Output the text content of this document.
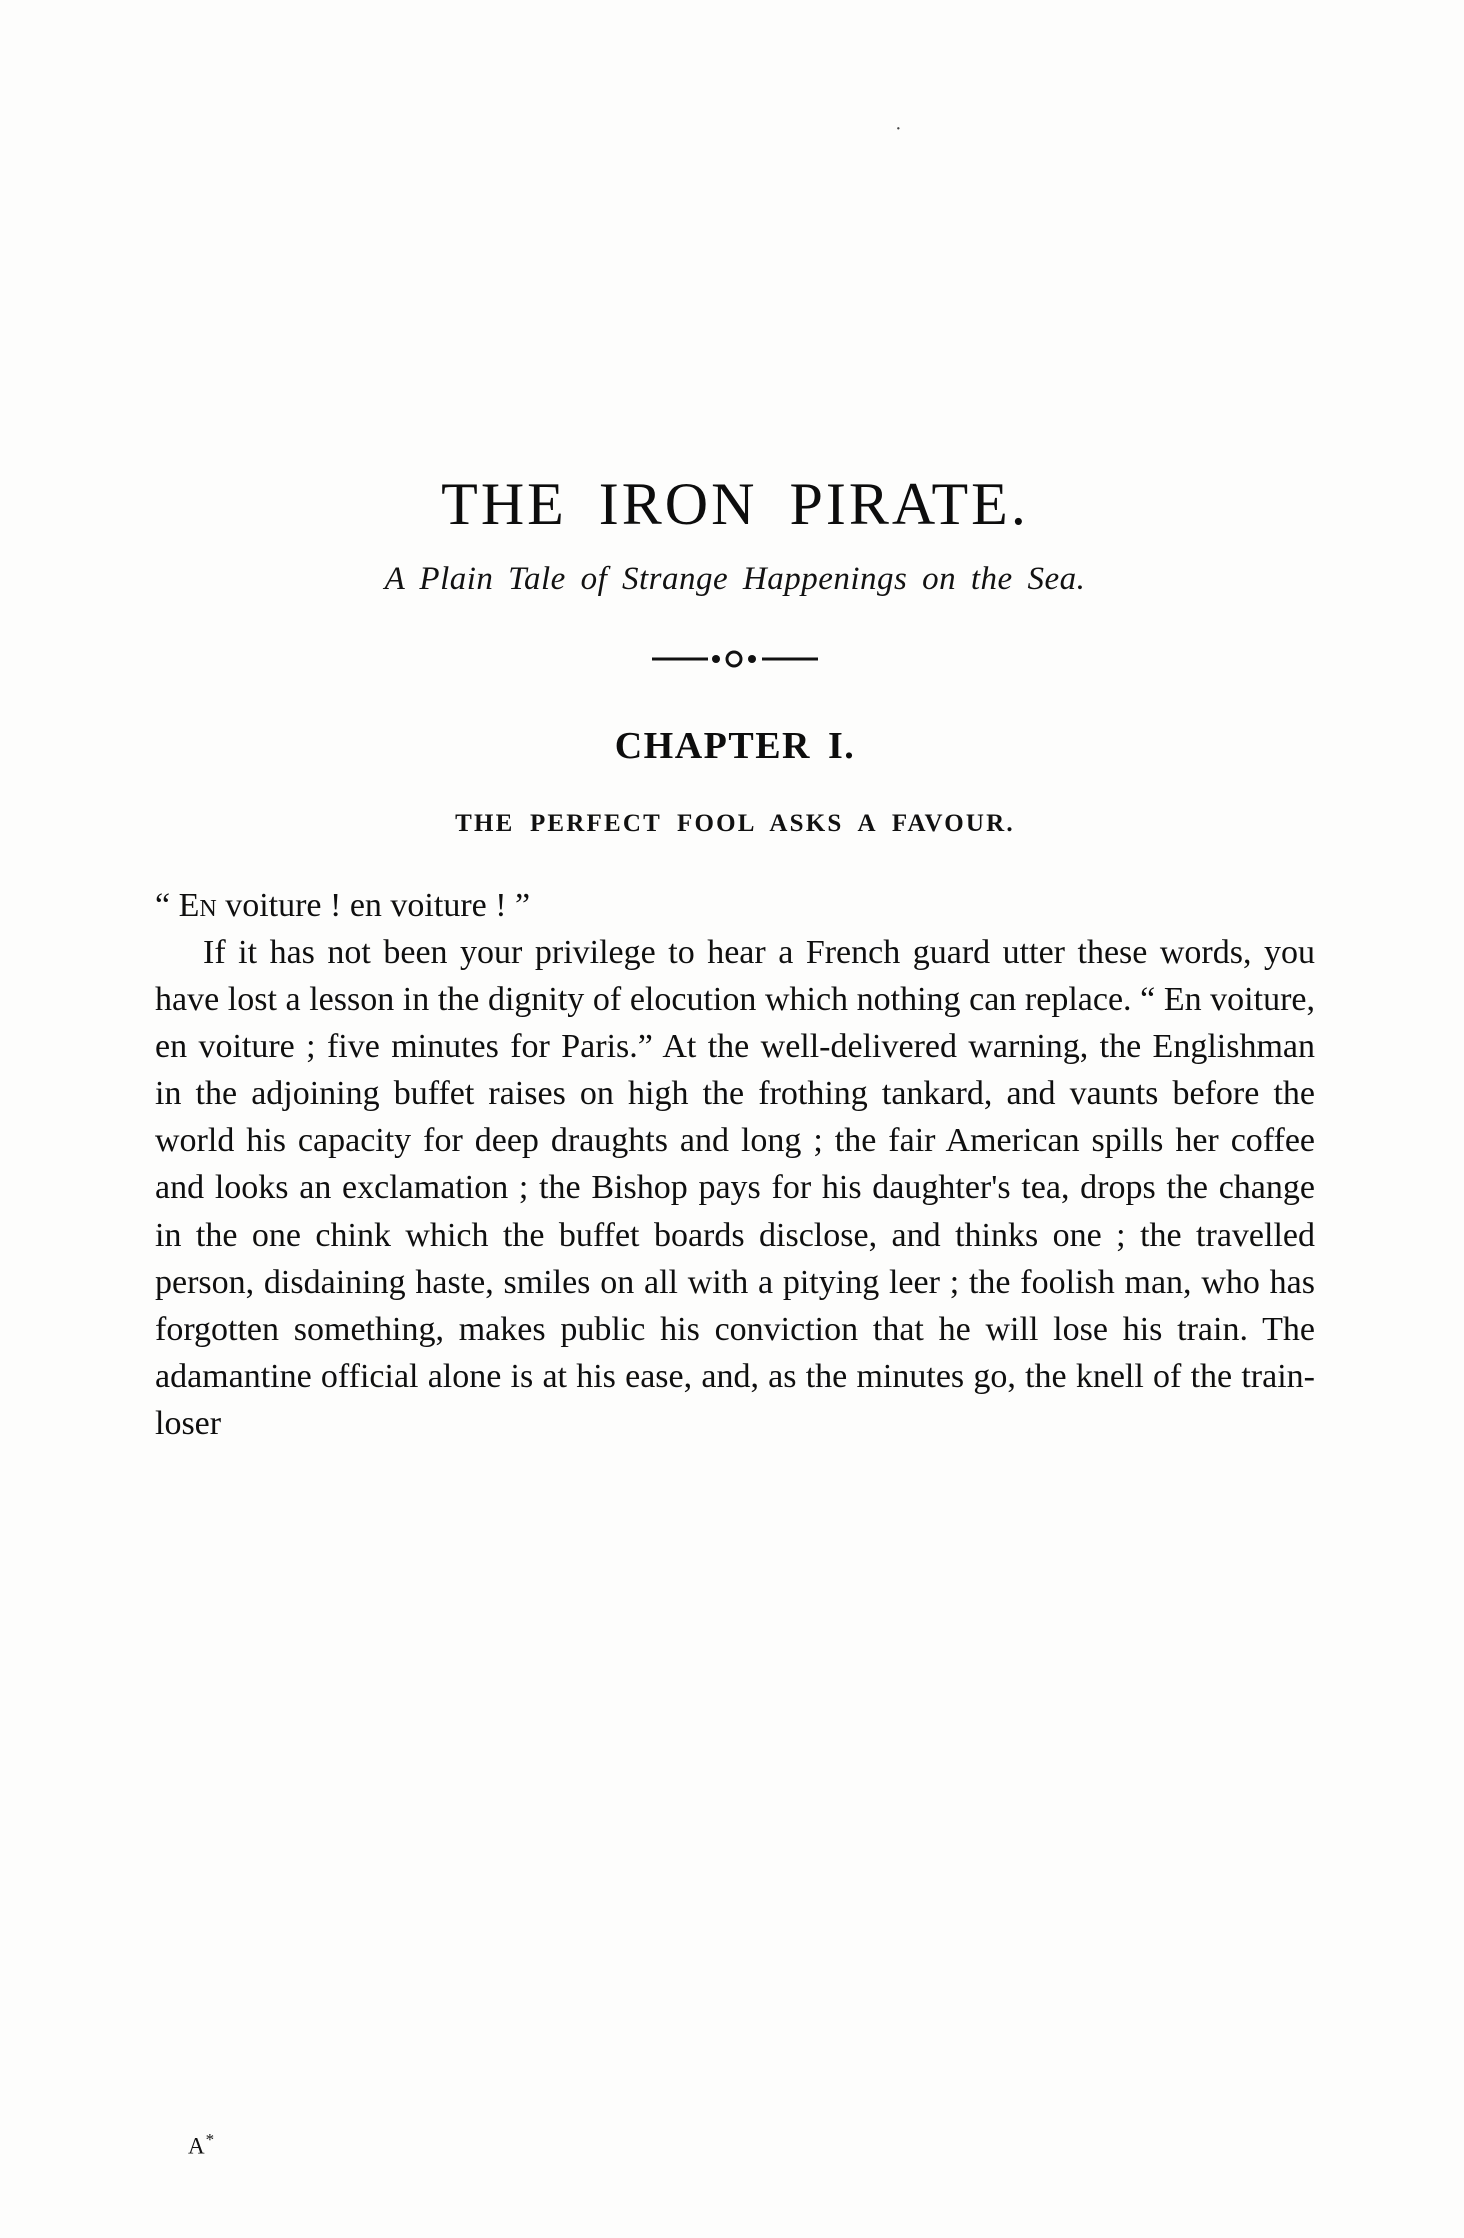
·
THE IRON PIRATE.
A Plain Tale of Strange Happenings on the Sea.
CHAPTER I.
THE PERFECT FOOL ASKS A FAVOUR.

“ En voiture ! en voiture ! ”

If it has not been your privilege to hear a French guard utter these words, you have lost a lesson in the dignity of elocution which nothing can replace. “ En voiture, en voiture ; five minutes for Paris.” At the well-delivered warning, the Englishman in the adjoining buffet raises on high the frothing tankard, and vaunts before the world his capacity for deep draughts and long ; the fair American spills her coffee and looks an exclamation ; the Bishop pays for his daughter's tea, drops the change in the one chink which the buffet boards disclose, and thinks one ; the travelled person, disdaining haste, smiles on all with a pitying leer ; the foolish man, who has forgotten something, makes public his conviction that he will lose his train. The adamantine official alone is at his ease, and, as the minutes go, the knell of the train-loser

A*
